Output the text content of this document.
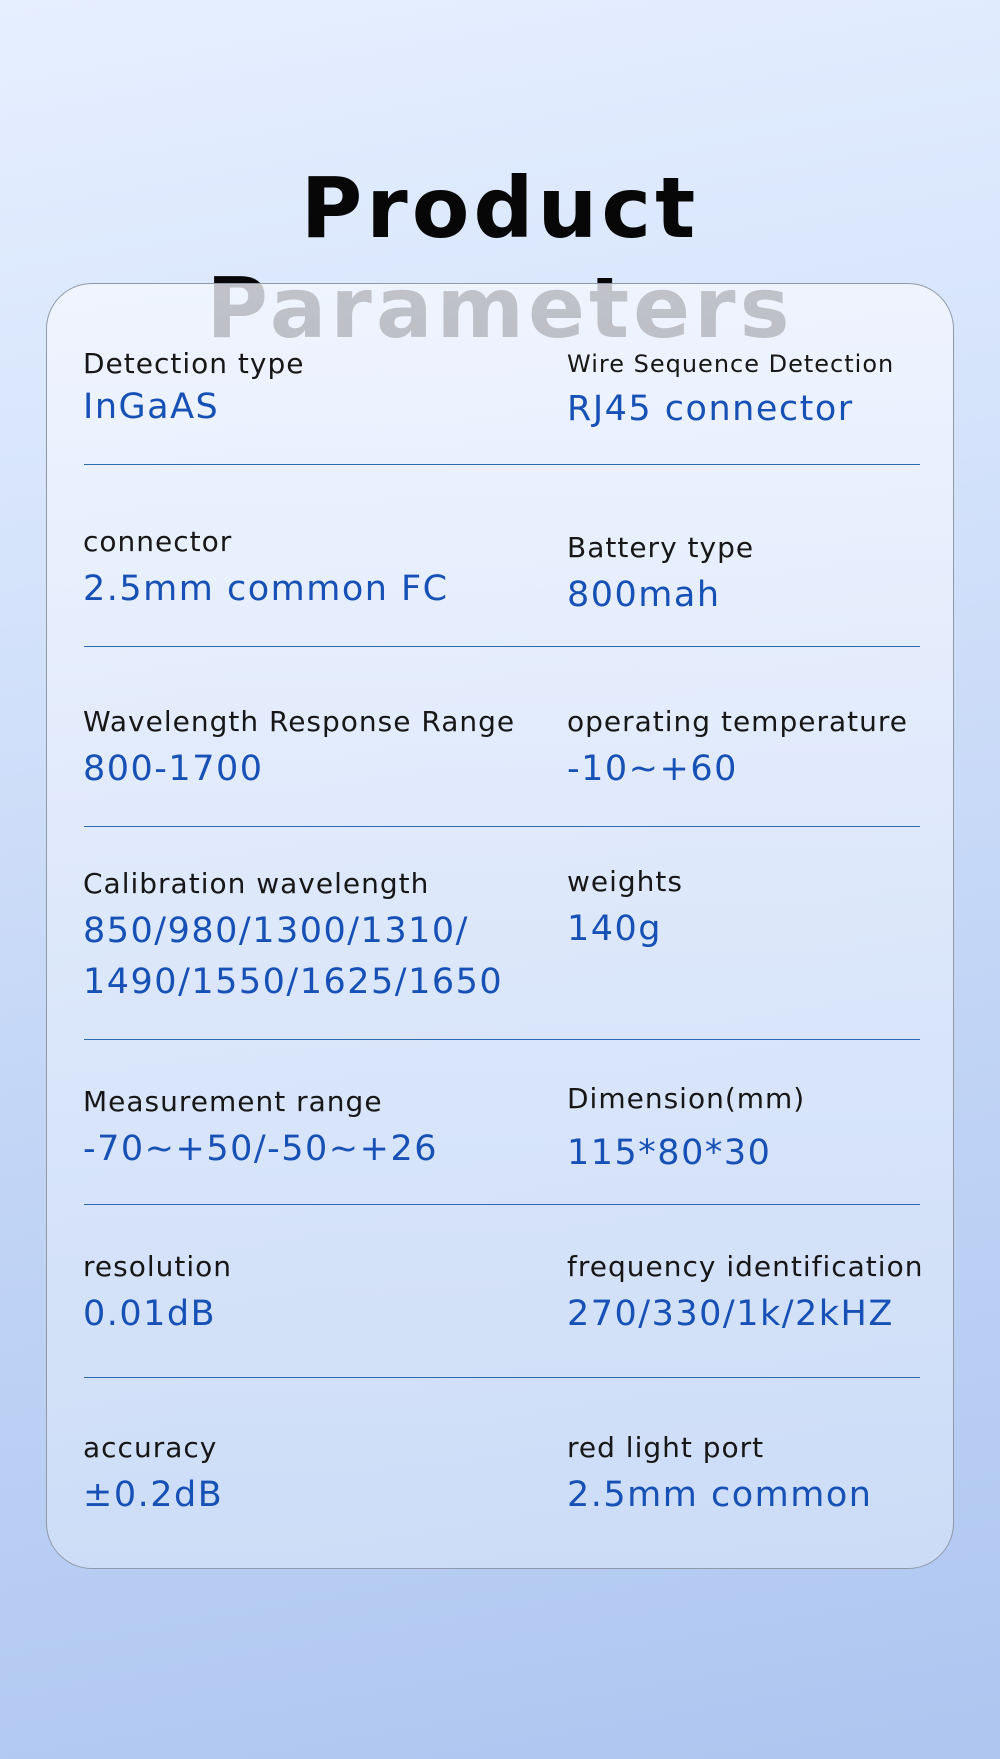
Product
Detection type
InGaAS
Wire Sequence Detection
RJ45 connector
connector
2.5mm common FC
Battery type
800mah
Wavelength Response Range
800-1700
operating temperature
-10~+60
Calibration wavelength
850/980/1300/1310/
1490/1550/1625/1650
weights
140g
Measurement range
-70~+50/-50~+26
Dimension(mm)
115*80*30
resolution
0.01dB
frequency identification
270/330/1k/2kHZ
accuracy
±0.2dB
red light port
2.5mm common
